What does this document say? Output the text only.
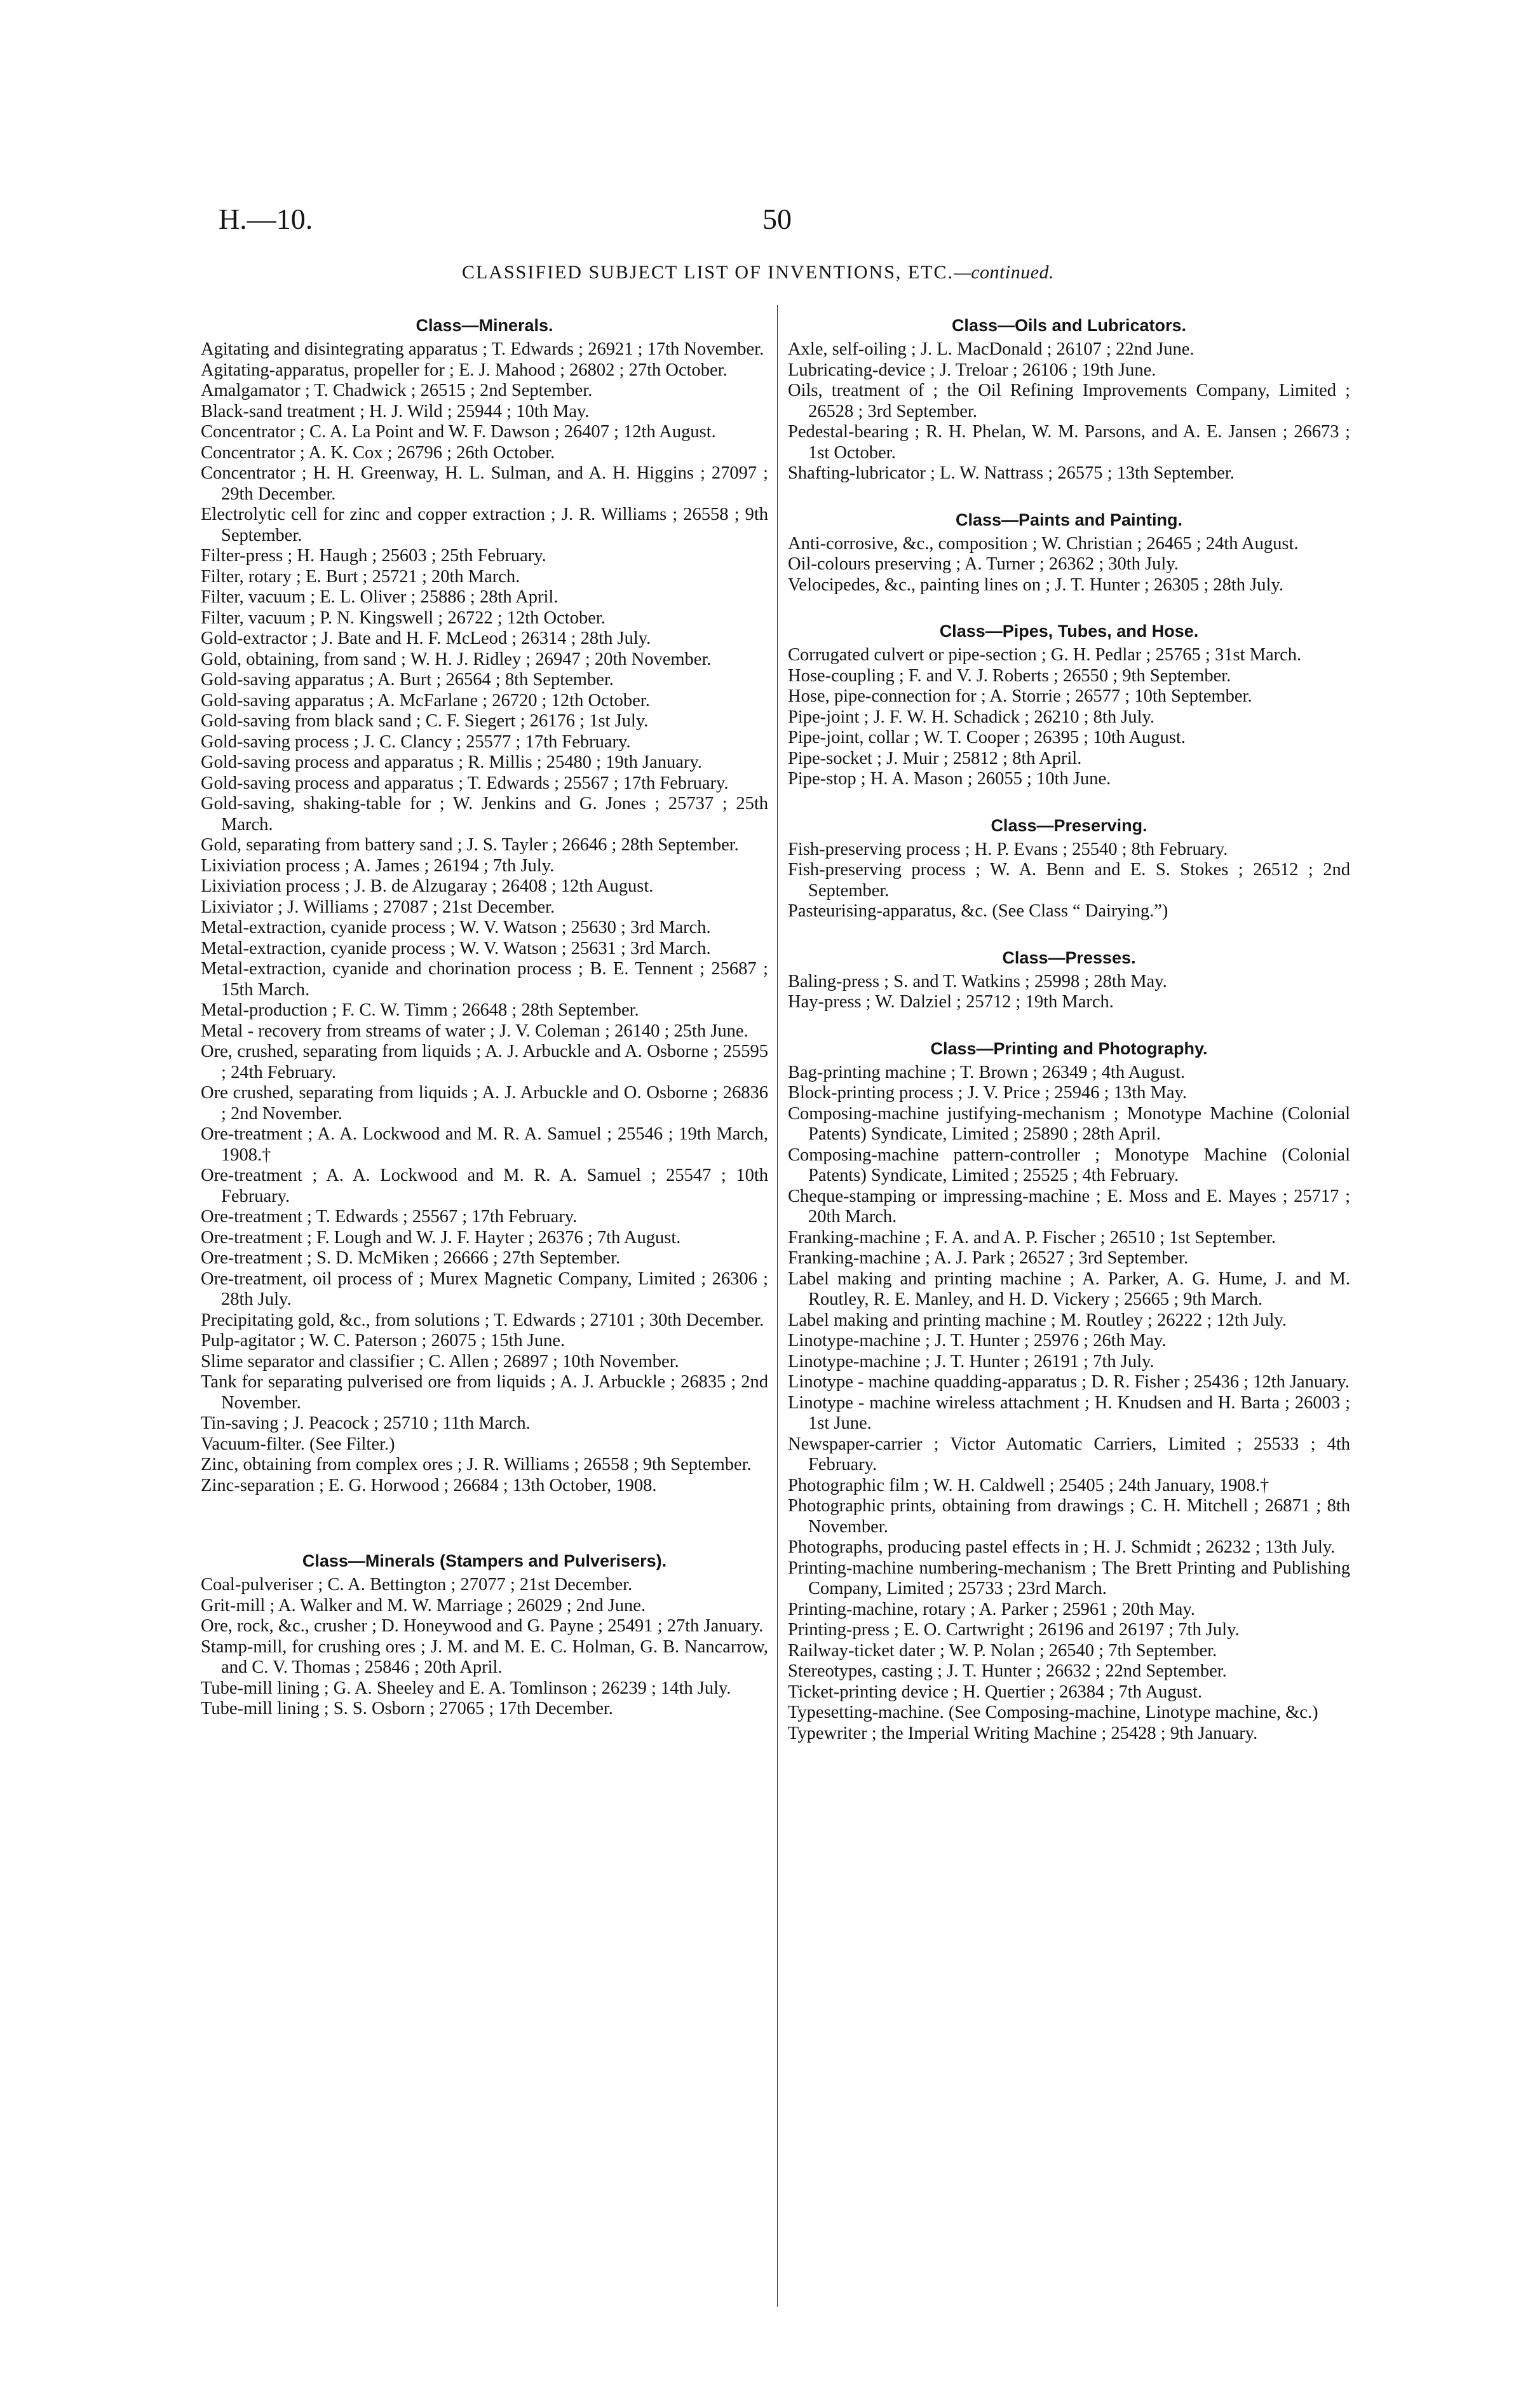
H.—10.	50
CLASSIFIED SUBJECT LIST OF INVENTIONS, ETC.—continued.
Class—Minerals.
Agitating and disintegrating apparatus ; T. Edwards ; 26921 ; 17th November.
Agitating-apparatus, propeller for ; E. J. Mahood ; 26802 ; 27th October.
Amalgamator ; T. Chadwick ; 26515 ; 2nd September.
Black-sand treatment ; H. J. Wild ; 25944 ; 10th May.
Concentrator ; C. A. La Point and W. F. Dawson ; 26407 ; 12th August.
Concentrator ; A. K. Cox ; 26796 ; 26th October.
Concentrator ; H. H. Greenway, H. L. Sulman, and A. H. Higgins ; 27097 ; 29th December.
Electrolytic cell for zinc and copper extraction ; J. R. Williams ; 26558 ; 9th September.
Filter-press ; H. Haugh ; 25603 ; 25th February.
Filter, rotary ; E. Burt ; 25721 ; 20th March.
Filter, vacuum ; E. L. Oliver ; 25886 ; 28th April.
Filter, vacuum ; P. N. Kingswell ; 26722 ; 12th October.
Gold-extractor ; J. Bate and H. F. McLeod ; 26314 ; 28th July.
Gold, obtaining, from sand ; W. H. J. Ridley ; 26947 ; 20th November.
Gold-saving apparatus ; A. Burt ; 26564 ; 8th September.
Gold-saving apparatus ; A. McFarlane ; 26720 ; 12th October.
Gold-saving from black sand ; C. F. Siegert ; 26176 ; 1st July.
Gold-saving process ; J. C. Clancy ; 25577 ; 17th February.
Gold-saving process and apparatus ; R. Millis ; 25480 ; 19th January.
Gold-saving process and apparatus ; T. Edwards ; 25567 ; 17th February.
Gold-saving, shaking-table for ; W. Jenkins and G. Jones ; 25737 ; 25th March.
Gold, separating from battery sand ; J. S. Tayler ; 26646 ; 28th September.
Lixiviation process ; A. James ; 26194 ; 7th July.
Lixiviation process ; J. B. de Alzugaray ; 26408 ; 12th August.
Lixiviator ; J. Williams ; 27087 ; 21st December.
Metal-extraction, cyanide process ; W. V. Watson ; 25630 ; 3rd March.
Metal-extraction, cyanide process ; W. V. Watson ; 25631 ; 3rd March.
Metal-extraction, cyanide and chorination process ; B. E. Tennent ; 25687 ; 15th March.
Metal-production ; F. C. W. Timm ; 26648 ; 28th September.
Metal - recovery from streams of water ; J. V. Coleman ; 26140 ; 25th June.
Ore, crushed, separating from liquids ; A. J. Arbuckle and A. Osborne ; 25595 ; 24th February.
Ore crushed, separating from liquids ; A. J. Arbuckle and O. Osborne ; 26836 ; 2nd November.
Ore-treatment ; A. A. Lockwood and M. R. A. Samuel ; 25546 ; 19th March, 1908.†
Ore-treatment ; A. A. Lockwood and M. R. A. Samuel ; 25547 ; 10th February.
Ore-treatment ; T. Edwards ; 25567 ; 17th February.
Ore-treatment ; F. Lough and W. J. F. Hayter ; 26376 ; 7th August.
Ore-treatment ; S. D. McMiken ; 26666 ; 27th September.
Ore-treatment, oil process of ; Murex Magnetic Company, Limited ; 26306 ; 28th July.
Precipitating gold, &c., from solutions ; T. Edwards ; 27101 ; 30th December.
Pulp-agitator ; W. C. Paterson ; 26075 ; 15th June.
Slime separator and classifier ; C. Allen ; 26897 ; 10th November.
Tank for separating pulverised ore from liquids ; A. J. Arbuckle ; 26835 ; 2nd November.
Tin-saving ; J. Peacock ; 25710 ; 11th March.
Vacuum-filter. (See Filter.)
Zinc, obtaining from complex ores ; J. R. Williams ; 26558 ; 9th September.
Zinc-separation ; E. G. Horwood ; 26684 ; 13th October, 1908.
Class—Minerals (Stampers and Pulverisers).
Coal-pulveriser ; C. A. Bettington ; 27077 ; 21st December.
Grit-mill ; A. Walker and M. W. Marriage ; 26029 ; 2nd June.
Ore, rock, &c., crusher ; D. Honeywood and G. Payne ; 25491 ; 27th January.
Stamp-mill, for crushing ores ; J. M. and M. E. C. Holman, G. B. Nancarrow, and C. V. Thomas ; 25846 ; 20th April.
Tube-mill lining ; G. A. Sheeley and E. A. Tomlinson ; 26239 ; 14th July.
Tube-mill lining ; S. S. Osborn ; 27065 ; 17th December.
Class—Oils and Lubricators.
Axle, self-oiling ; J. L. MacDonald ; 26107 ; 22nd June.
Lubricating-device ; J. Treloar ; 26106 ; 19th June.
Oils, treatment of ; the Oil Refining Improvements Company, Limited ; 26528 ; 3rd September.
Pedestal-bearing ; R. H. Phelan, W. M. Parsons, and A. E. Jansen ; 26673 ; 1st October.
Shafting-lubricator ; L. W. Nattrass ; 26575 ; 13th September.
Class—Paints and Painting.
Anti-corrosive, &c., composition ; W. Christian ; 26465 ; 24th August.
Oil-colours preserving ; A. Turner ; 26362 ; 30th July.
Velocipedes, &c., painting lines on ; J. T. Hunter ; 26305 ; 28th July.
Class—Pipes, Tubes, and Hose.
Corrugated culvert or pipe-section ; G. H. Pedlar ; 25765 ; 31st March.
Hose-coupling ; F. and V. J. Roberts ; 26550 ; 9th September.
Hose, pipe-connection for ; A. Storrie ; 26577 ; 10th September.
Pipe-joint ; J. F. W. H. Schadick ; 26210 ; 8th July.
Pipe-joint, collar ; W. T. Cooper ; 26395 ; 10th August.
Pipe-socket ; J. Muir ; 25812 ; 8th April.
Pipe-stop ; H. A. Mason ; 26055 ; 10th June.
Class—Preserving.
Fish-preserving process ; H. P. Evans ; 25540 ; 8th February.
Fish-preserving process ; W. A. Benn and E. S. Stokes ; 26512 ; 2nd September.
Pasteurising-apparatus, &c. (See Class “ Dairying.”)
Class—Presses.
Baling-press ; S. and T. Watkins ; 25998 ; 28th May.
Hay-press ; W. Dalziel ; 25712 ; 19th March.
Class—Printing and Photography.
Bag-printing machine ; T. Brown ; 26349 ; 4th August.
Block-printing process ; J. V. Price ; 25946 ; 13th May.
Composing-machine justifying-mechanism ; Monotype Machine (Colonial Patents) Syndicate, Limited ; 25890 ; 28th April.
Composing-machine pattern-controller ; Monotype Machine (Colonial Patents) Syndicate, Limited ; 25525 ; 4th February.
Cheque-stamping or impressing-machine ; E. Moss and E. Mayes ; 25717 ; 20th March.
Franking-machine ; F. A. and A. P. Fischer ; 26510 ; 1st September.
Franking-machine ; A. J. Park ; 26527 ; 3rd September.
Label making and printing machine ; A. Parker, A. G. Hume, J. and M. Routley, R. E. Manley, and H. D. Vickery ; 25665 ; 9th March.
Label making and printing machine ; M. Routley ; 26222 ; 12th July.
Linotype-machine ; J. T. Hunter ; 25976 ; 26th May.
Linotype-machine ; J. T. Hunter ; 26191 ; 7th July.
Linotype - machine quadding-apparatus ; D. R. Fisher ; 25436 ; 12th January.
Linotype - machine wireless attachment ; H. Knudsen and H. Barta ; 26003 ; 1st June.
Newspaper-carrier ; Victor Automatic Carriers, Limited ; 25533 ; 4th February.
Photographic film ; W. H. Caldwell ; 25405 ; 24th January, 1908.†
Photographic prints, obtaining from drawings ; C. H. Mitchell ; 26871 ; 8th November.
Photographs, producing pastel effects in ; H. J. Schmidt ; 26232 ; 13th July.
Printing-machine numbering-mechanism ; The Brett Printing and Publishing Company, Limited ; 25733 ; 23rd March.
Printing-machine, rotary ; A. Parker ; 25961 ; 20th May.
Printing-press ; E. O. Cartwright ; 26196 and 26197 ; 7th July.
Railway-ticket dater ; W. P. Nolan ; 26540 ; 7th September.
Stereotypes, casting ; J. T. Hunter ; 26632 ; 22nd September.
Ticket-printing device ; H. Quertier ; 26384 ; 7th August.
Typesetting-machine. (See Composing-machine, Linotype machine, &c.)
Typewriter ; the Imperial Writing Machine ; 25428 ; 9th January.
